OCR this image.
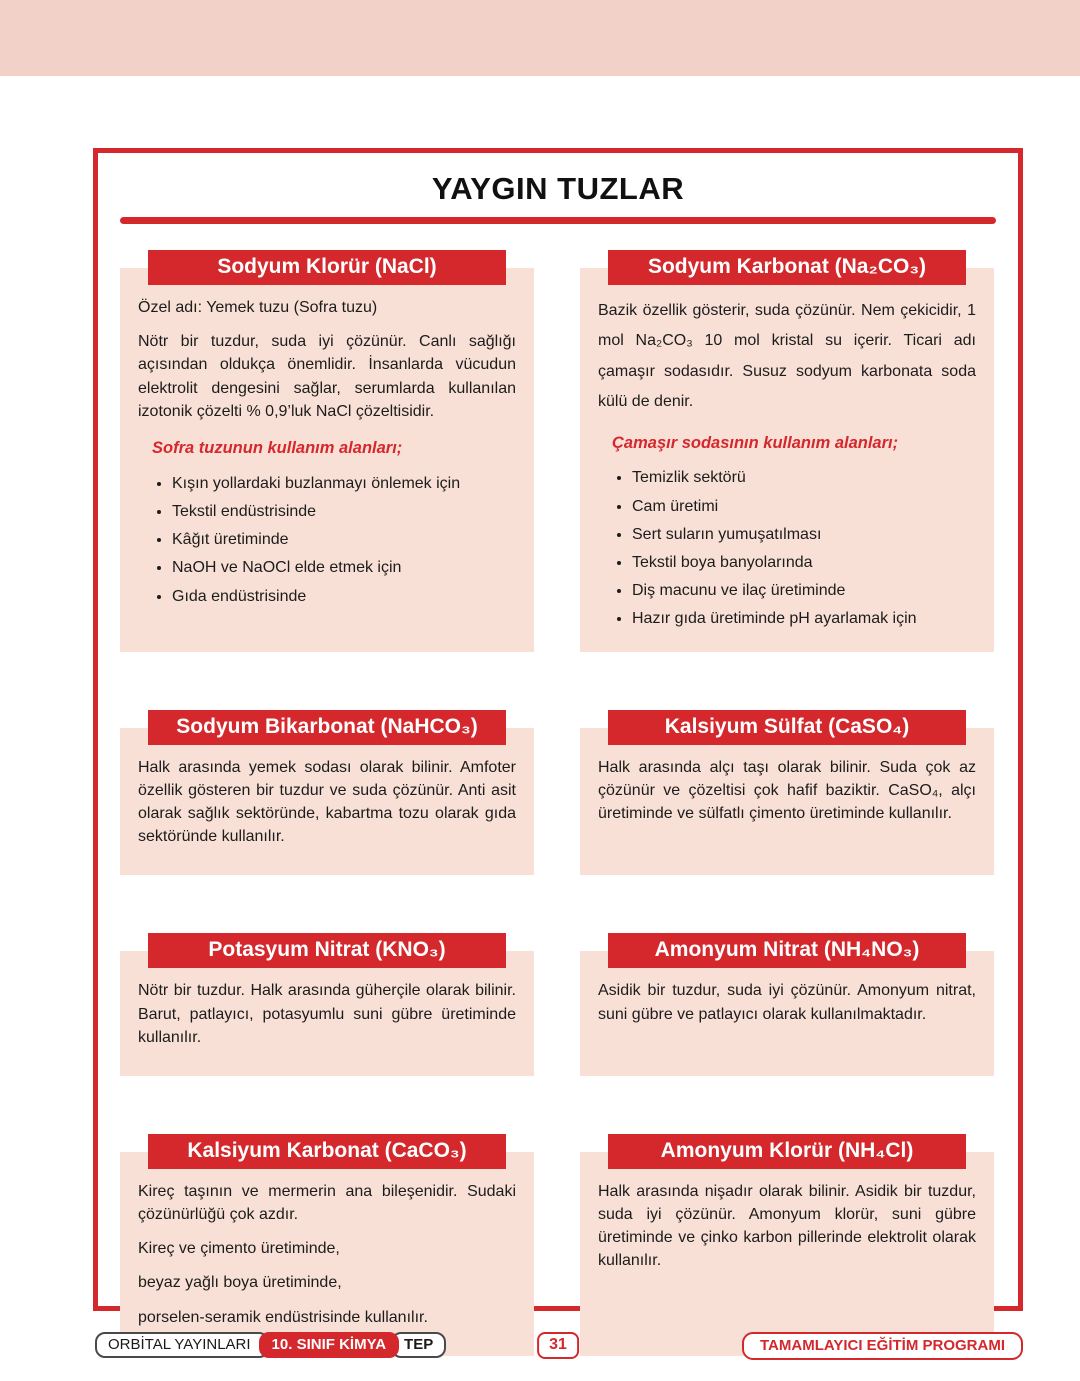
YAYGIN TUZLAR
Sodyum Klorür (NaCl)

Özel adı: Yemek tuzu (Sofra tuzu)

Nötr bir tuzdur, suda iyi çözünür. Canlı sağlığı açısından oldukça önemlidir. İnsanlarda vücudun elektrolit dengesini sağlar, serumlarda kullanılan izotonik çözelti % 0,9’luk NaCl çözeltisidir.

Sofra tuzunun kullanım alanları;

• Kışın yollardaki buzlanmayı önlemek için
• Tekstil endüstrisinde
• Kâğıt üretiminde
• NaOH ve NaOCl elde etmek için
• Gıda endüstrisinde
Sodyum Karbonat (Na₂CO₃)

Bazik özellik gösterir, suda çözünür. Nem çekicidir, 1 mol Na₂CO₃ 10 mol kristal su içerir. Ticari adı çamaşır sodasıdır. Susuz sodyum karbonata soda külü de denir.

Çamaşır sodasının kullanım alanları;

• Temizlik sektörü
• Cam üretimi
• Sert suların yumuşatılması
• Tekstil boya banyolarında
• Diş macunu ve ilaç üretiminde
• Hazır gıda üretiminde pH ayarlamak için
Sodyum Bikarbonat (NaHCO₃)

Halk arasında yemek sodası olarak bilinir. Amfoter özellik gösteren bir tuzdur ve suda çözünür. Anti asit olarak sağlık sektöründe, kabartma tozu olarak gıda sektöründe kullanılır.

Kalsiyum Sülfat (CaSO₄)

Halk arasında alçı taşı olarak bilinir. Suda çok az çözünür ve çözeltisi çok hafif baziktir. CaSO₄, alçı üretiminde ve sülfatlı çimento üretiminde kullanılır.

Potasyum Nitrat (KNO₃)

Nötr bir tuzdur. Halk arasında güherçile olarak bilinir. Barut, patlayıcı, potasyumlu suni gübre üretiminde kullanılır.

Amonyum Nitrat (NH₄NO₃)

Asidik bir tuzdur, suda iyi çözünür. Amonyum nitrat, suni gübre ve patlayıcı olarak kullanılmaktadır.

Kalsiyum Karbonat (CaCO₃)

Kireç taşının ve mermerin ana bileşenidir. Sudaki çözünürlüğü çok azdır.

Kireç ve çimento üretiminde,

beyaz yağlı boya üretiminde,

porselen-seramik endüstrisinde kullanılır.

Amonyum Klorür (NH₄Cl)

Halk arasında nişadır olarak bilinir. Asidik bir tuzdur, suda iyi çözünür. Amonyum klorür, suni gübre üretiminde ve çinko karbon pillerinde elektrolit olarak kullanılır.

ORBİTAL YAYINLARI	10. SINIF KİMYA	TEP	31	TAMAMLAYICI EĞİTİM PROGRAMI
